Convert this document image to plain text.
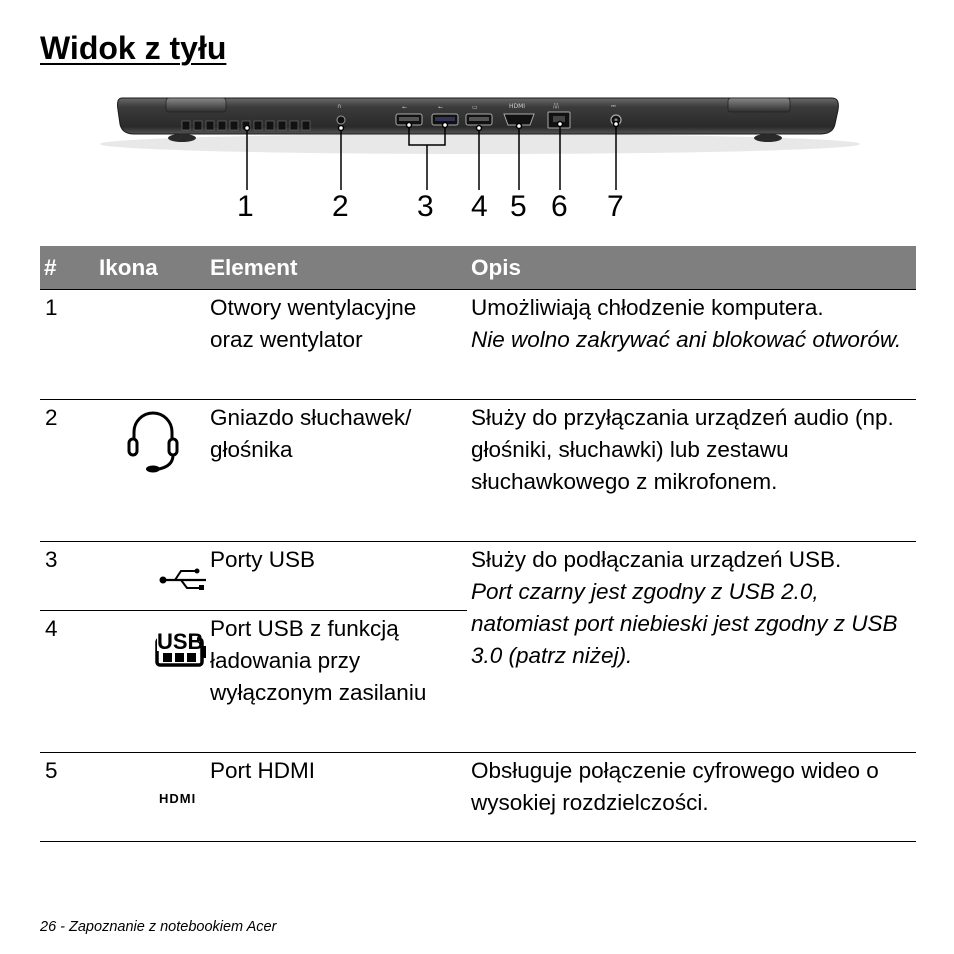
Widok z tyłu
∩	⭠	⭠	▭	HDMI	品	⎓
1	2 3 4 5 6 7
#	Ikona	Element	Opis
1		Otwory wentylacyjne oraz wentylator	Umożliwiają chłodzenie komputera.
Nie wolno zakrywać ani blokować otworów.

2		Gniazdo słuchawek/ głośnika	Służy do przyłączania urządzeń audio (np. głośniki, słuchawki) lub zestawu słuchawkowego z mikrofonem.
3		Porty USB	Służy do podłączania urządzeń USB.
Port czarny jest zgodny z USB 2.0, natomiast port niebieski jest zgodny z USB 3.0 (patrz niżej).

4	USB	Port USB z funkcją ładowania przy wyłączonym zasilaniu	
5	HDMI	Port HDMI	Obsługuje połączenie cyfrowego wideo o wysokiej rozdzielczości.
26 - Zapoznanie z notebookiem Acer
